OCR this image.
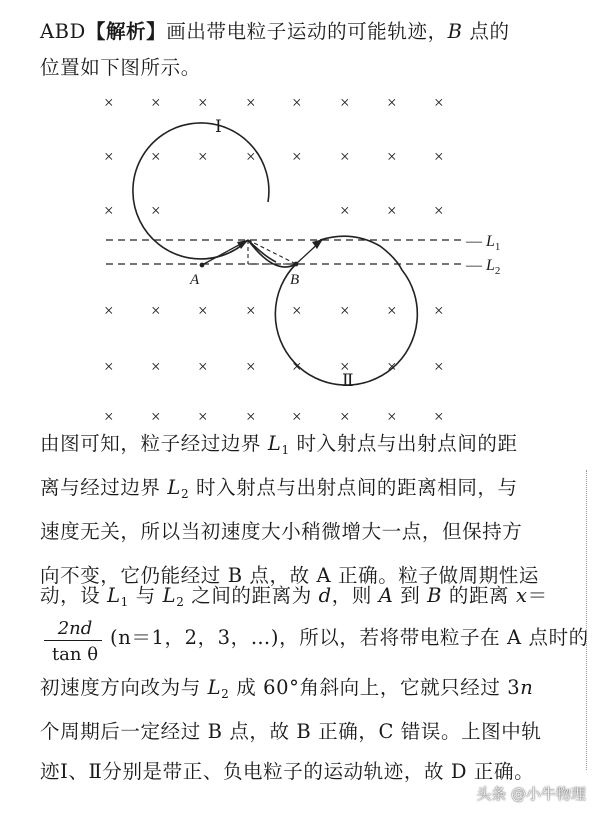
ABD【解析】画出带电粒子运动的可能轨迹，B 点的
位置如下图所示。
× × × × × × × ×
× × × × × × × ×
× ×	× × ×
× × × × × × × ×
× × × × × × × ×
× × × × × × × ×
Ⅰ
Ⅱ
A	B
— $L_1$
— $L_2$
由图可知，粒子经过边界 $L_1$ 时入射点与出射点间的距
离与经过边界 $L_2$ 时入射点与出射点间的距离相同，与
速度无关，所以当初速度大小稍微增大一点，但保持方
向不变，它仍能经过 B 点，故 A 正确。粒子做周期性运
动，设 $L_1$ 与 $L_2$ 之间的距离为 d，则 A 到 B 的距离 x＝
2nd
tan θ
(n＝1，2，3，…)，所以，若将带电粒子在 A 点时的
初速度方向改为与 $L_2$ 成 60°角斜向上，它就只经过 3n
个周期后一定经过 B 点，故 B 正确，C 错误。上图中轨
迹Ⅰ、Ⅱ分别是带正、负电粒子的运动轨迹，故 D 正确。
头条 @小牛物理
